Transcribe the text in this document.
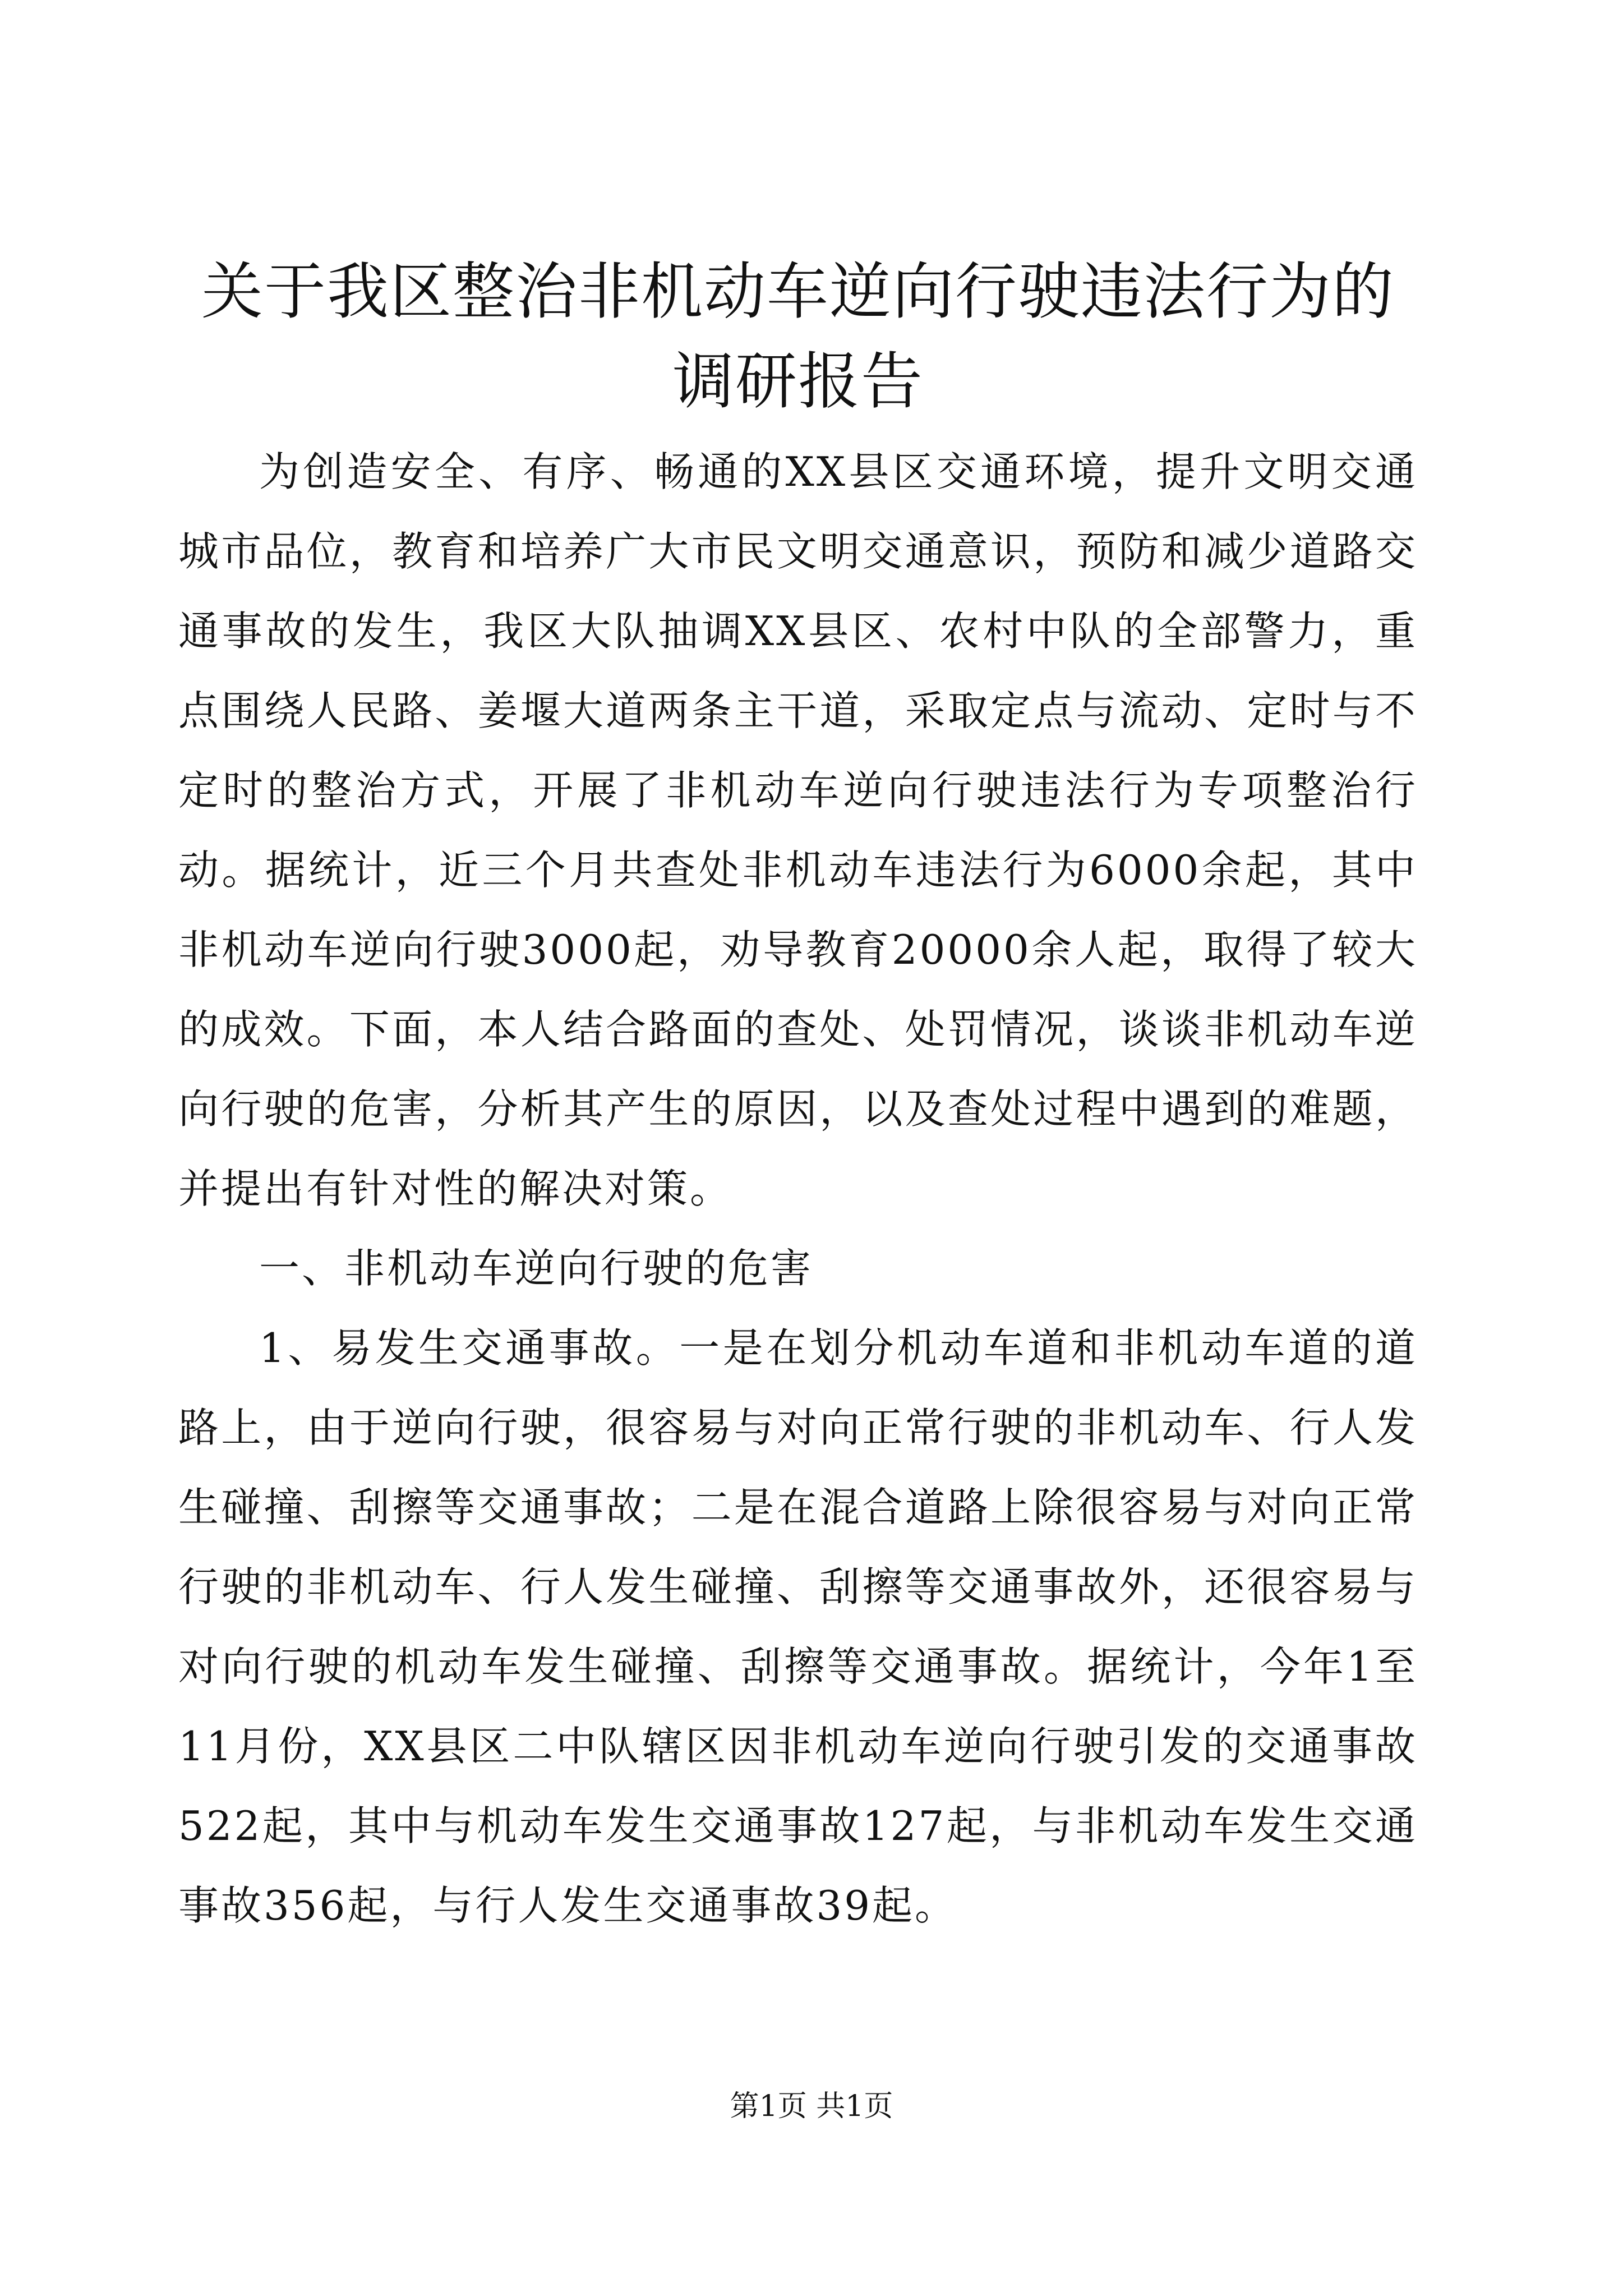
关于我区整治非机动车逆向行驶违法行为的调研报告

为创造安全、有序、畅通的XX县区交通环境，提升文明交通城市品位，教育和培养广大市民文明交通意识，预防和减少道路交通事故的发生，我区大队抽调XX县区、农村中队的全部警力，重点围绕人民路、姜堰大道两条主干道，采取定点与流动、定时与不定时的整治方式，开展了非机动车逆向行驶违法行为专项整治行动。据统计，近三个月共查处非机动车违法行为6000余起，其中非机动车逆向行驶3000起，劝导教育20000余人起，取得了较大的成效。下面，本人结合路面的查处、处罚情况，谈谈非机动车逆向行驶的危害，分析其产生的原因，以及查处过程中遇到的难题，并提出有针对性的解决对策。

一、非机动车逆向行驶的危害

1、易发生交通事故。一是在划分机动车道和非机动车道的道路上，由于逆向行驶，很容易与对向正常行驶的非机动车、行人发生碰撞、刮擦等交通事故；二是在混合道路上除很容易与对向正常行驶的非机动车、行人发生碰撞、刮擦等交通事故外，还很容易与对向行驶的机动车发生碰撞、刮擦等交通事故。据统计，今年1至11月份，XX县区二中队辖区因非机动车逆向行驶引发的交通事故522起，其中与机动车发生交通事故127起，与非机动车发生交通事故356起，与行人发生交通事故39起。

第1页 共1页
